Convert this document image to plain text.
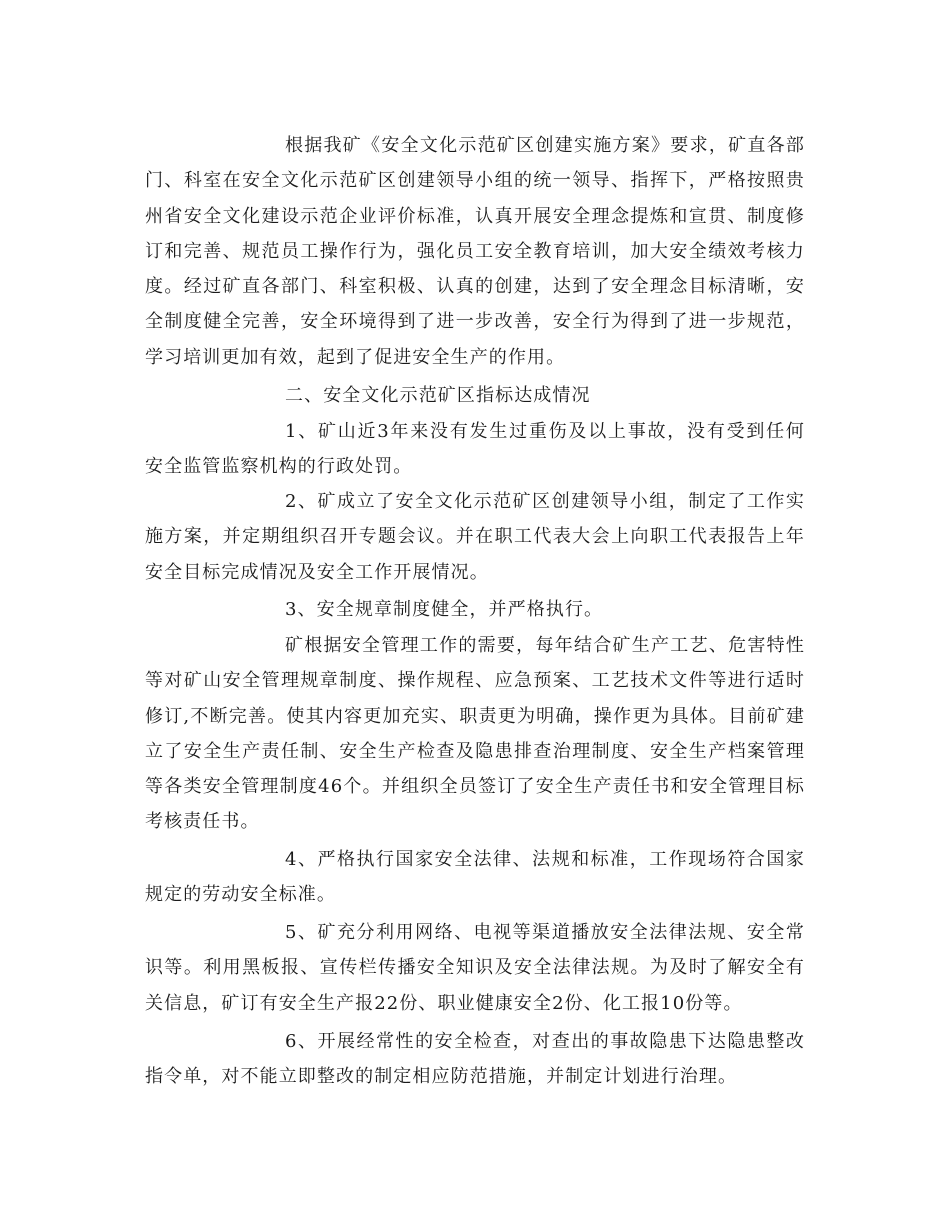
根据我矿《安全文化示范矿区创建实施方案》要求，矿直各部门、科室在安全文化示范矿区创建领导小组的统一领导、指挥下，严格按照贵州省安全文化建设示范企业评价标准，认真开展安全理念提炼和宣贯、制度修订和完善、规范员工操作行为，强化员工安全教育培训，加大安全绩效考核力度。经过矿直各部门、科室积极、认真的创建，达到了安全理念目标清晰，安全制度健全完善，安全环境得到了进一步改善，安全行为得到了进一步规范，学习培训更加有效，起到了促进安全生产的作用。

二、安全文化示范矿区指标达成情况

1、矿山近3年来没有发生过重伤及以上事故，没有受到任何安全监管监察机构的行政处罚。

2、矿成立了安全文化示范矿区创建领导小组，制定了工作实施方案，并定期组织召开专题会议。并在职工代表大会上向职工代表报告上年安全目标完成情况及安全工作开展情况。

3、安全规章制度健全，并严格执行。

矿根据安全管理工作的需要，每年结合矿生产工艺、危害特性等对矿山安全管理规章制度、操作规程、应急预案、工艺技术文件等进行适时修订,不断完善。使其内容更加充实、职责更为明确，操作更为具体。目前矿建立了安全生产责任制、安全生产检查及隐患排查治理制度、安全生产档案管理等各类安全管理制度46个。并组织全员签订了安全生产责任书和安全管理目标考核责任书。

4、严格执行国家安全法律、法规和标准，工作现场符合国家规定的劳动安全标准。

5、矿充分利用网络、电视等渠道播放安全法律法规、安全常识等。利用黑板报、宣传栏传播安全知识及安全法律法规。为及时了解安全有关信息，矿订有安全生产报22份、职业健康安全2份、化工报10份等。

6、开展经常性的安全检查，对查出的事故隐患下达隐患整改指令单，对不能立即整改的制定相应防范措施，并制定计划进行治理。
